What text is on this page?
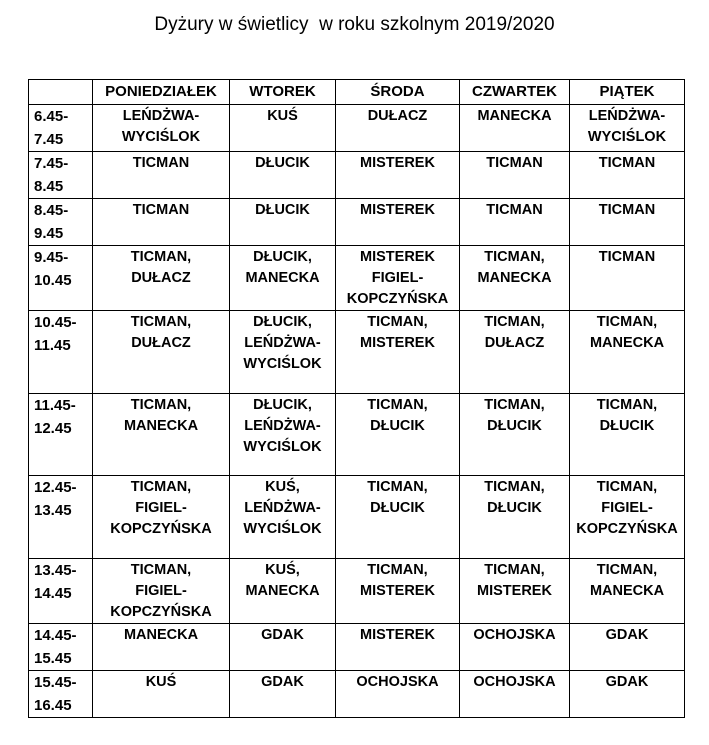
Dyżury w świetlicy  w roku szkolnym 2019/2020
	PONIEDZIAŁEK	WTOREK	ŚRODA	CZWARTEK	PIĄTEK

6.45-
7.45	LEŃDŻWA-
WYCIŚLOK	KUŚ	DUŁACZ	MANECKA	LEŃDŻWA-
WYCIŚLOK

7.45-
8.45	TICMAN	DŁUCIK	MISTEREK	TICMAN	TICMAN

8.45-
9.45	TICMAN	DŁUCIK	MISTEREK	TICMAN	TICMAN

9.45-
10.45	TICMAN,
DUŁACZ	DŁUCIK,
MANECKA	MISTEREK
FIGIEL-
KOPCZYŃSKA	TICMAN,
MANECKA	TICMAN

10.45-
11.45	TICMAN,
DUŁACZ	DŁUCIK,
LEŃDŻWA-
WYCIŚLOK	TICMAN,
MISTEREK	TICMAN,
DUŁACZ	TICMAN,
MANECKA

11.45-
12.45	TICMAN,
MANECKA	DŁUCIK,
LEŃDŻWA-
WYCIŚLOK	TICMAN,
DŁUCIK	TICMAN,
DŁUCIK	TICMAN,
DŁUCIK

12.45-
13.45	TICMAN,
FIGIEL-
KOPCZYŃSKA	KUŚ,
LEŃDŻWA-
WYCIŚLOK	TICMAN,
DŁUCIK	TICMAN,
DŁUCIK	TICMAN,
FIGIEL-
KOPCZYŃSKA

13.45-
14.45	TICMAN,
FIGIEL-
KOPCZYŃSKA	KUŚ,
MANECKA	TICMAN,
MISTEREK	TICMAN,
MISTEREK	TICMAN,
MANECKA

14.45-
15.45	MANECKA	GDAK	MISTEREK	OCHOJSKA	GDAK

15.45-
16.45	KUŚ	GDAK	OCHOJSKA	OCHOJSKA	GDAK
